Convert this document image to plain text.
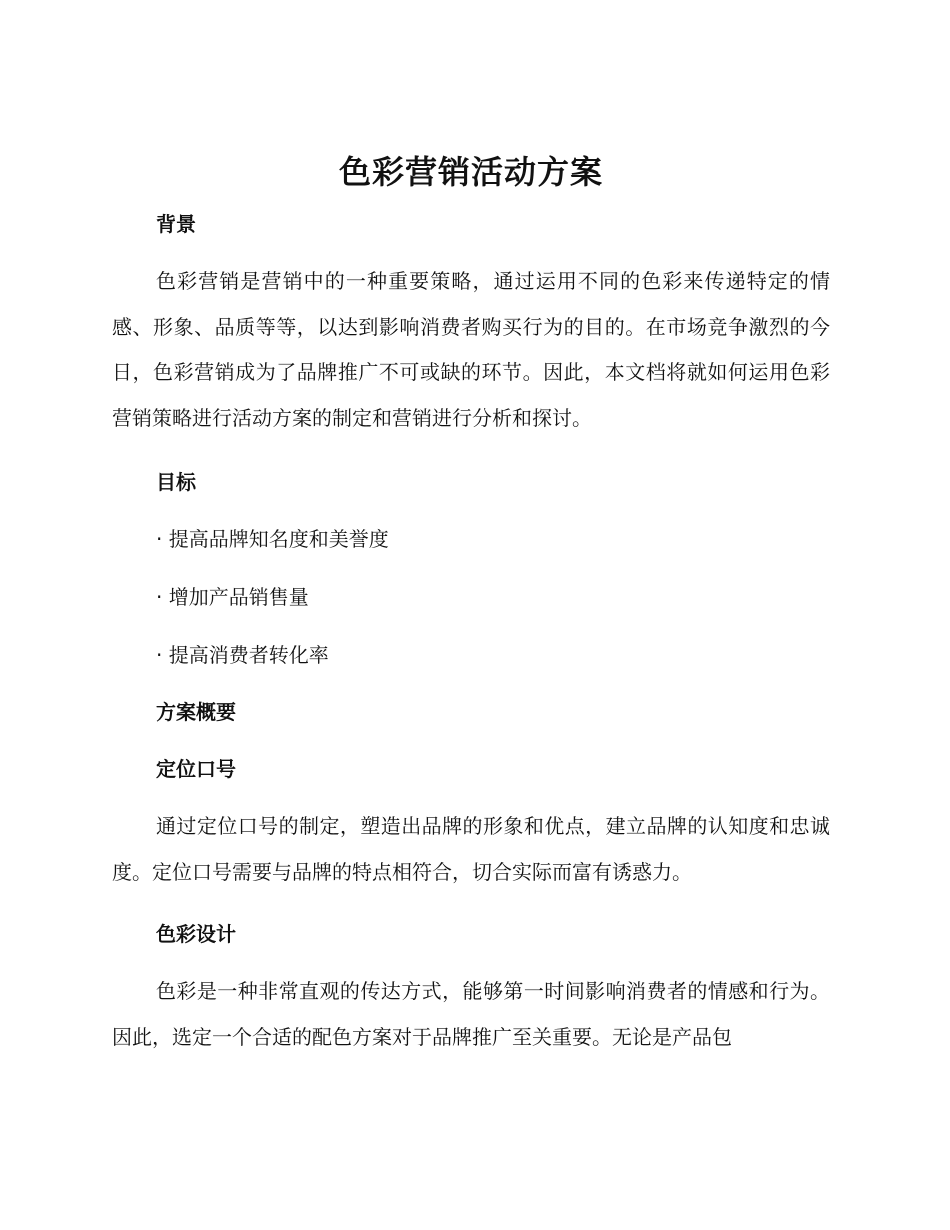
色彩营销活动方案
背景

色彩营销是营销中的一种重要策略，通过运用不同的色彩来传递特定的情感、形象、品质等等，以达到影响消费者购买行为的目的。在市场竞争激烈的今日，色彩营销成为了品牌推广不可或缺的环节。因此，本文档将就如何运用色彩营销策略进行活动方案的制定和营销进行分析和探讨。

目标
· 提高品牌知名度和美誉度
· 增加产品销售量
· 提高消费者转化率
方案概要
定位口号

通过定位口号的制定，塑造出品牌的形象和优点，建立品牌的认知度和忠诚度。定位口号需要与品牌的特点相符合，切合实际而富有诱惑力。

色彩设计

色彩是一种非常直观的传达方式，能够第一时间影响消费者的情感和行为。因此，选定一个合适的配色方案对于品牌推广至关重要。无论是产品包
